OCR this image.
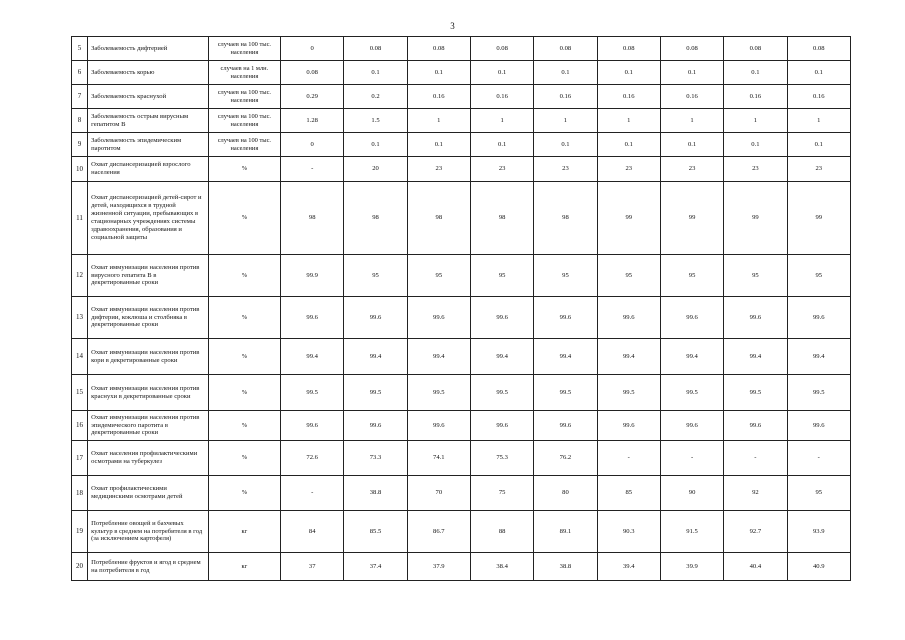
3
5	Заболеваемость дифтерией	случаев на 100 тыс. населения	0	0.08	0.08	0.08	0.08	0.08	0.08	0.08	0.08
6	Заболеваемость корью	случаев на 1 млн. населения	0.08	0.1	0.1	0.1	0.1	0.1	0.1	0.1	0.1
7	Заболеваемость краснухой	случаев на 100 тыс. населения	0.29	0.2	0.16	0.16	0.16	0.16	0.16	0.16	0.16
8	Заболеваемость острым вирусным гепатитом В	случаев на 100 тыс. населения	1.28	1.5	1	1	1	1	1	1	1
9	Заболеваемость эпидемическим паротитом	случаев на 100 тыс. населения	0	0.1	0.1	0.1	0.1	0.1	0.1	0.1	0.1
10	Охват диспансеризацией взрослого населения	%	-	20	23	23	23	23	23	23	23
11	Охват диспансеризацией детей-сирот и детей, находящихся в трудной жизненной ситуации, пребывающих в стационарных учреждениях системы здравоохранения, образования и социальной защиты	%	98	98	98	98	98	99	99	99	99
12	Охват иммунизации населения против вирусного гепатита В в декретированные сроки	%	99.9	95	95	95	95	95	95	95	95
13	Охват иммунизации населения против дифтерии, коклюша и столбняка в декретированные сроки	%	99.6	99.6	99.6	99.6	99.6	99.6	99.6	99.6	99.6
14	Охват иммунизации населения против кори в декретированные сроки	%	99.4	99.4	99.4	99.4	99.4	99.4	99.4	99.4	99.4
15	Охват иммунизации населения против краснухи в декретированные сроки	%	99.5	99.5	99.5	99.5	99.5	99.5	99.5	99.5	99.5
16	Охват иммунизации населения против эпидемического паротита в декретированные сроки	%	99.6	99.6	99.6	99.6	99.6	99.6	99.6	99.6	99.6
17	Охват населения профилактическими осмотрами на туберкулез	%	72.6	73.3	74.1	75.3	76.2	-	-	-	-
18	Охват профилактическими медицинскими осмотрами детей	%	-	38.8	70	75	80	85	90	92	95
19	Потребление овощей и бахчевых культур в среднем на потребителя в год (за исключением картофеля)	кг	84	85.5	86.7	88	89.1	90.3	91.5	92.7	93.9
20	Потребление фруктов и ягод в среднем на потребителя в год	кг	37	37.4	37.9	38.4	38.8	39.4	39.9	40.4	40.9
